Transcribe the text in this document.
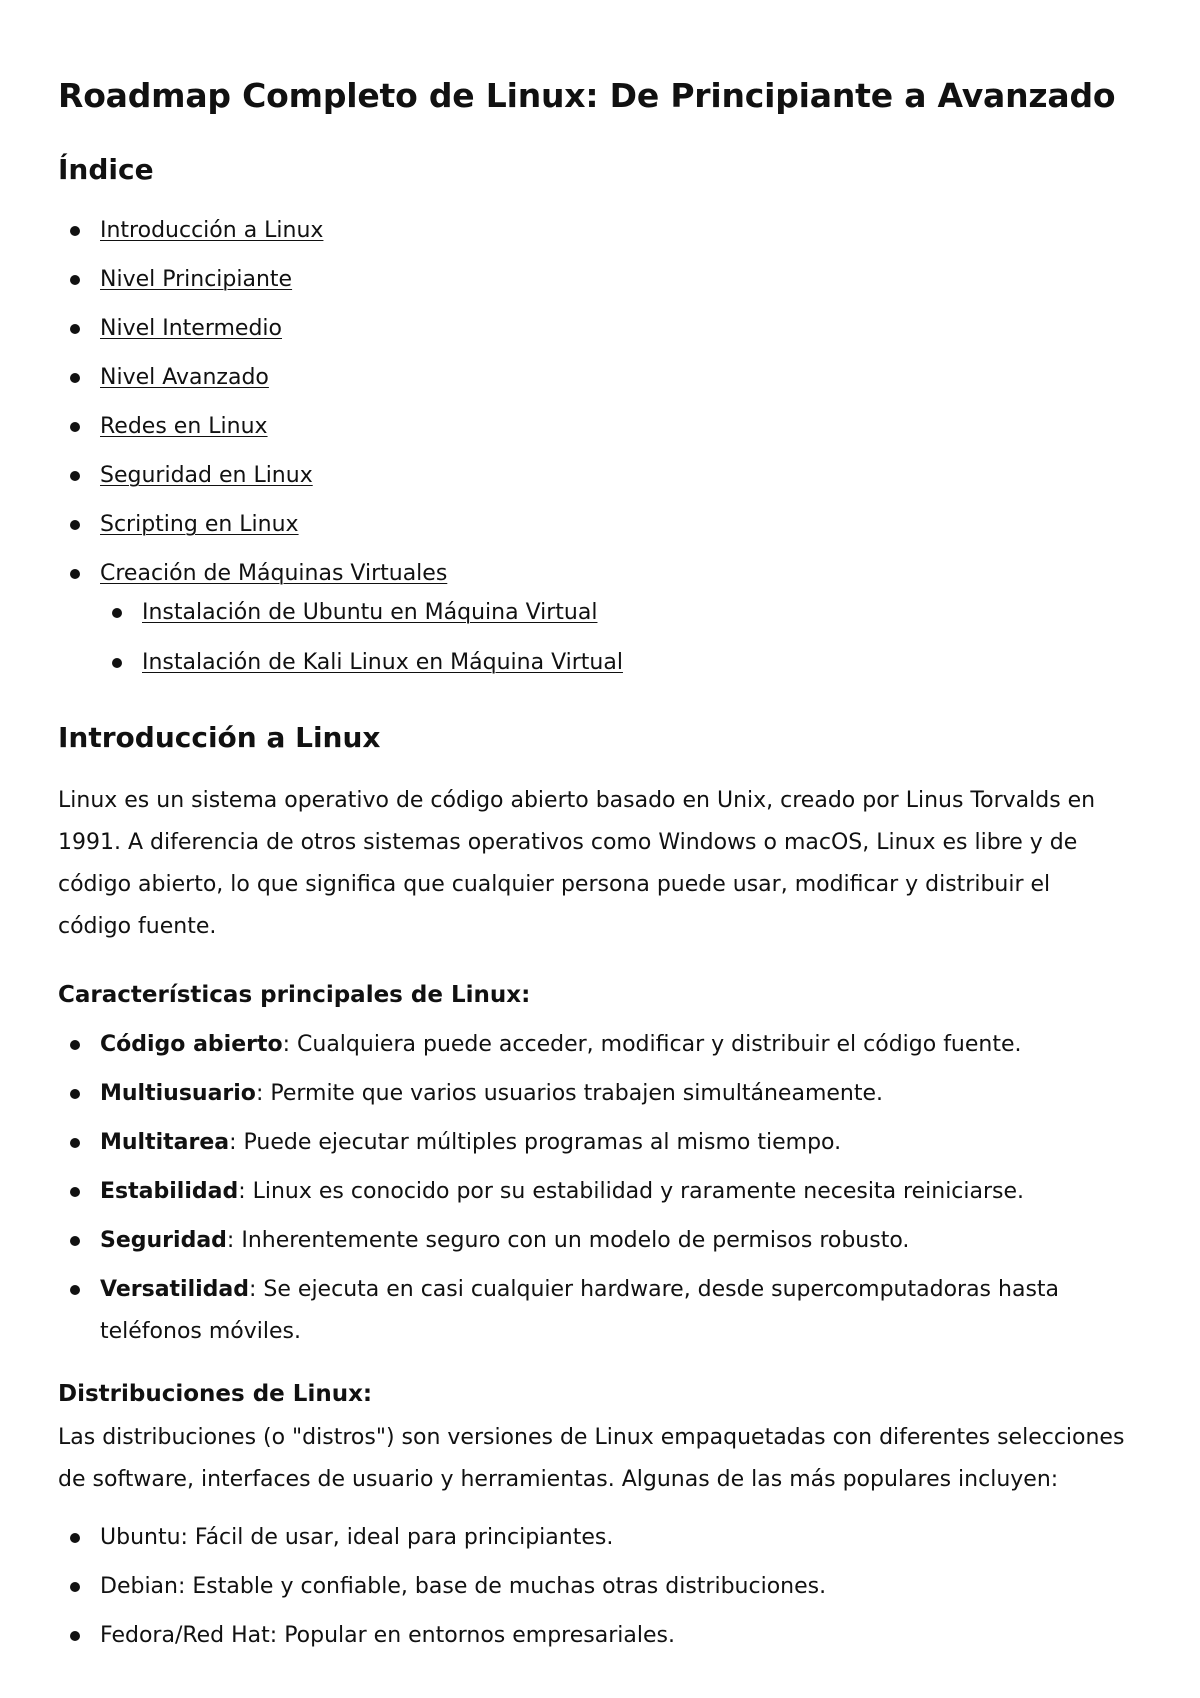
Roadmap Completo de Linux: De Principiante a Avanzado
Índice
Introducción a Linux
Nivel Principiante
Nivel Intermedio
Nivel Avanzado
Redes en Linux
Seguridad en Linux
Scripting en Linux
Creación de Máquinas Virtuales
Instalación de Ubuntu en Máquina Virtual
Instalación de Kali Linux en Máquina Virtual
Introducción a Linux

Linux es un sistema operativo de código abierto basado en Unix, creado por Linus Torvalds en 1991. A diferencia de otros sistemas operativos como Windows o macOS, Linux es libre y de código abierto, lo que significa que cualquier persona puede usar, modificar y distribuir el código fuente.

Características principales de Linux:
Código abierto: Cualquiera puede acceder, modificar y distribuir el código fuente.
Multiusuario: Permite que varios usuarios trabajen simultáneamente.
Multitarea: Puede ejecutar múltiples programas al mismo tiempo.
Estabilidad: Linux es conocido por su estabilidad y raramente necesita reiniciarse.
Seguridad: Inherentemente seguro con un modelo de permisos robusto.
Versatilidad: Se ejecuta en casi cualquier hardware, desde supercomputadoras hasta teléfonos móviles.
Distribuciones de Linux:

Las distribuciones (o "distros") son versiones de Linux empaquetadas con diferentes selecciones de software, interfaces de usuario y herramientas. Algunas de las más populares incluyen:

Ubuntu: Fácil de usar, ideal para principiantes.
Debian: Estable y confiable, base de muchas otras distribuciones.
Fedora/Red Hat: Popular en entornos empresariales.
